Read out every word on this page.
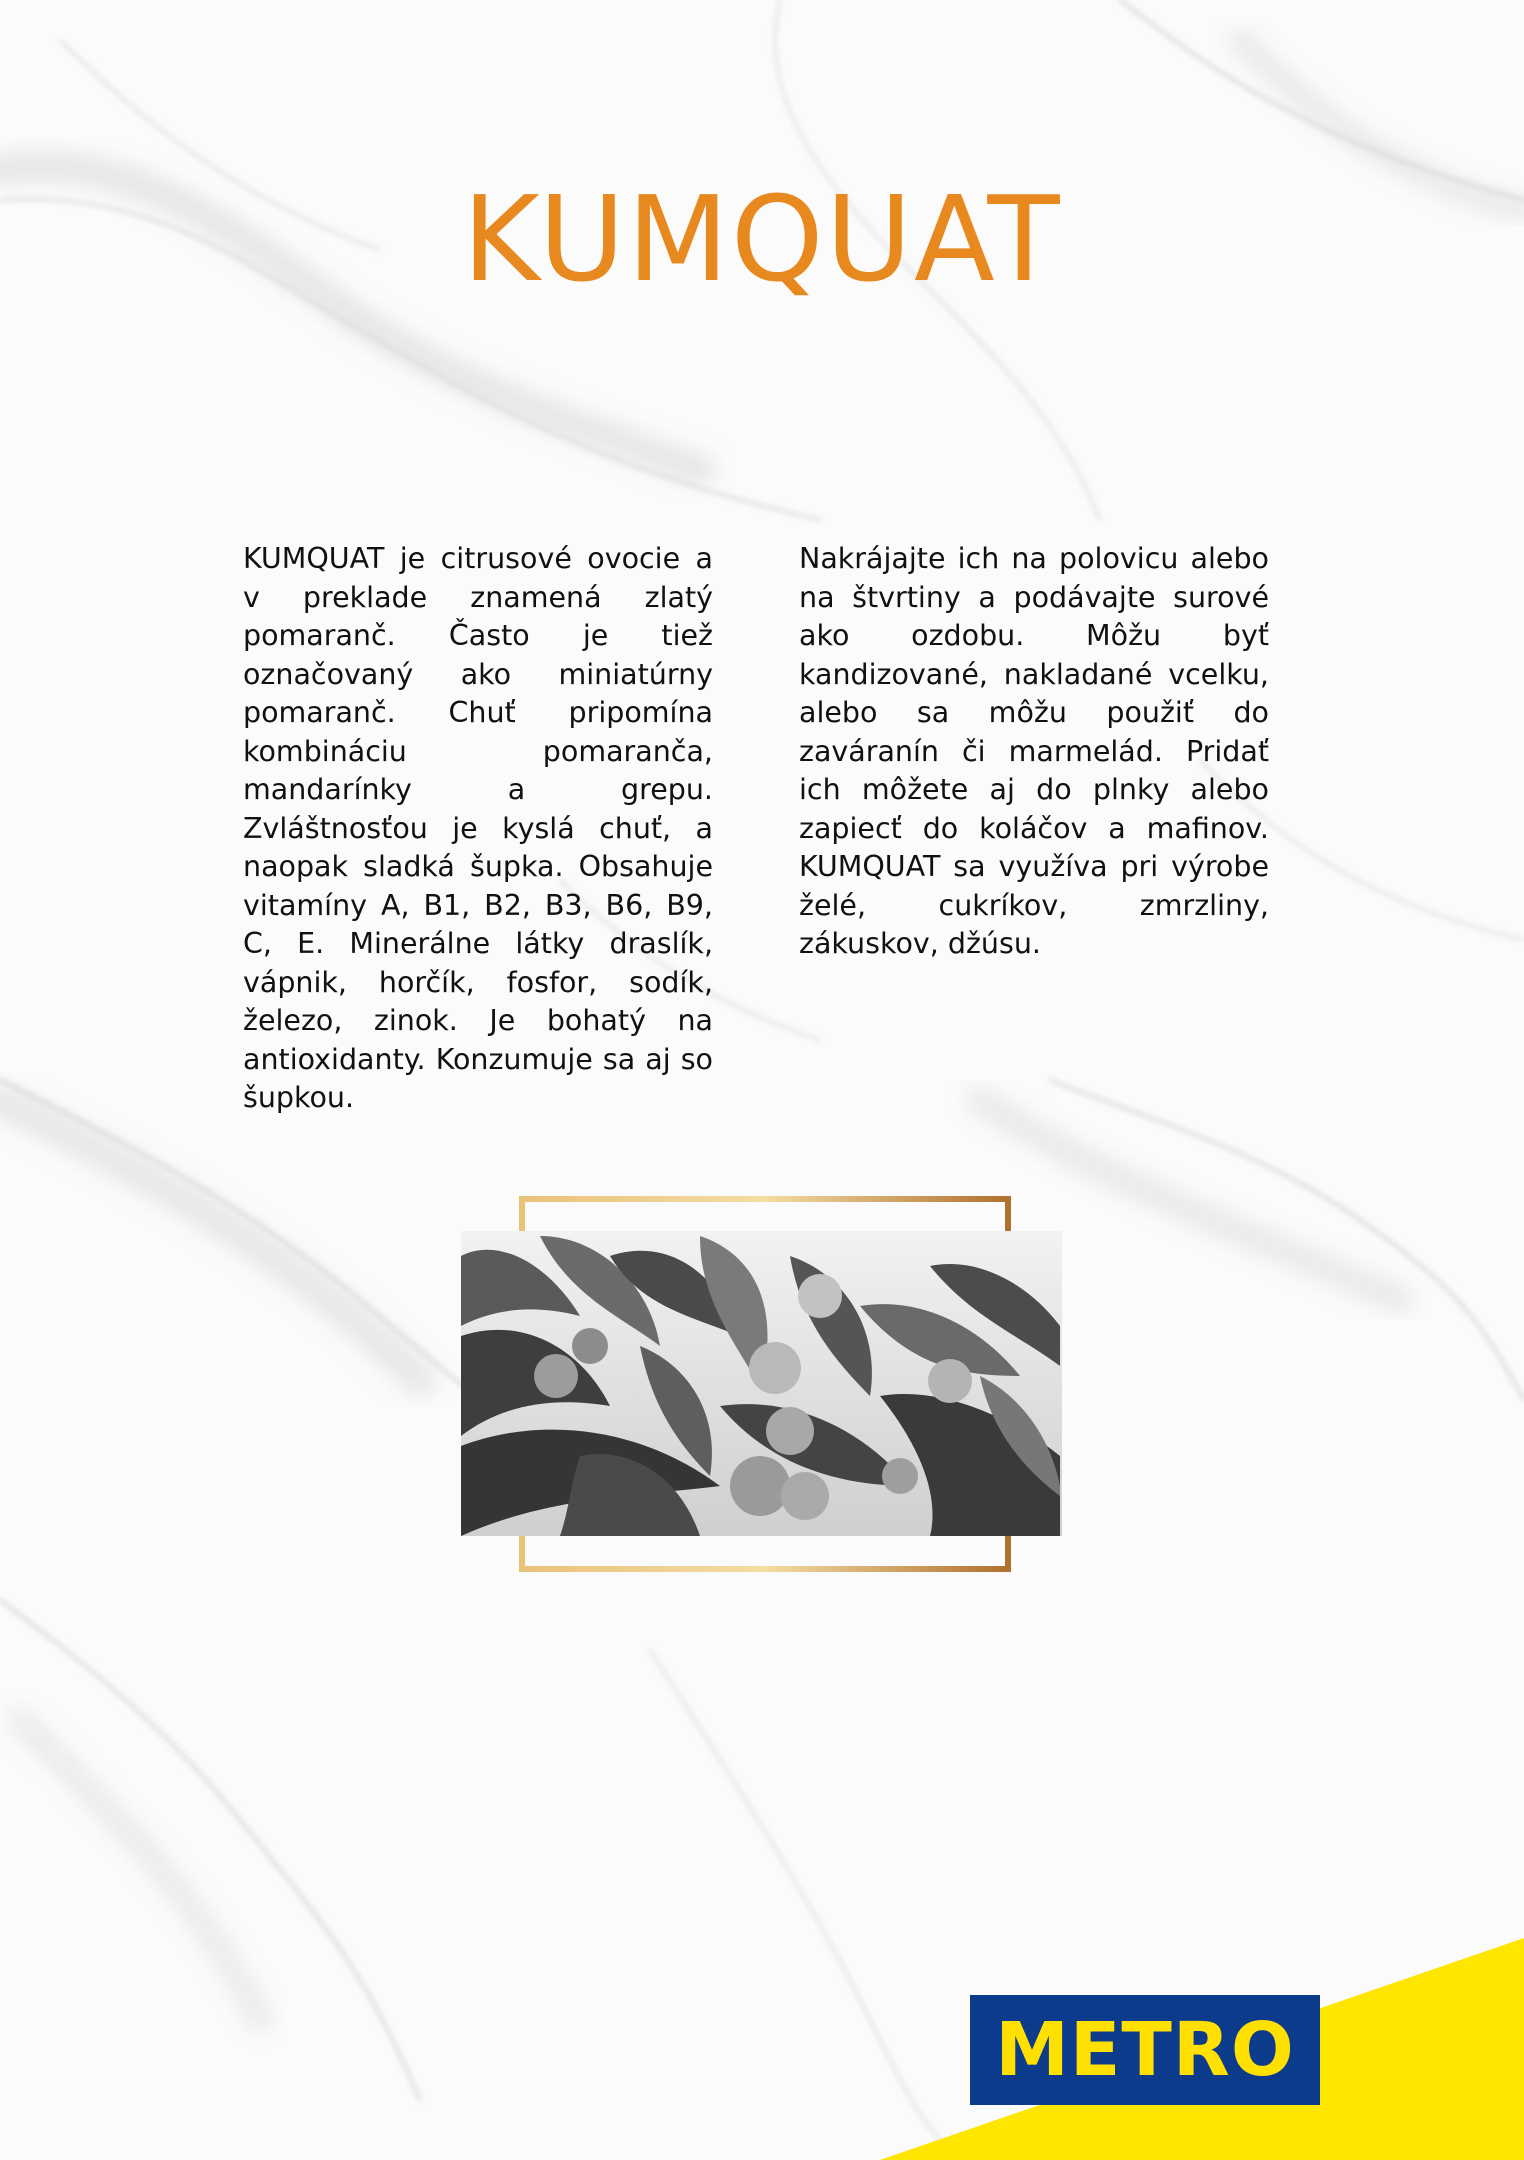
KUMQUAT

KUMQUAT je citrusové ovocie a v preklade znamená zlatý pomaranč. Často je tiež označovaný ako miniatúrny pomaranč. Chuť pripomína kombináciu pomaranča, mandarínky a grepu. Zvláštnosťou je kyslá chuť, a naopak sladká šupka. Obsahuje vitamíny A, B1, B2, B3, B6, B9, C, E. Minerálne látky draslík, vápnik, horčík, fosfor, sodík, železo, zinok. Je bohatý na antioxidanty. Konzumuje sa aj so šupkou.

Nakrájajte ich na polovicu alebo na štvrtiny a podávajte surové ako ozdobu. Môžu byť kandizované, nakladané vcelku, alebo sa môžu použiť do zaváranín či marmelád. Pridať ich môžete aj do plnky alebo zapiecť do koláčov a mafinov. KUMQUAT sa využíva pri výrobe želé, cukríkov, zmrzliny, zákuskov, džúsu.

METRO
